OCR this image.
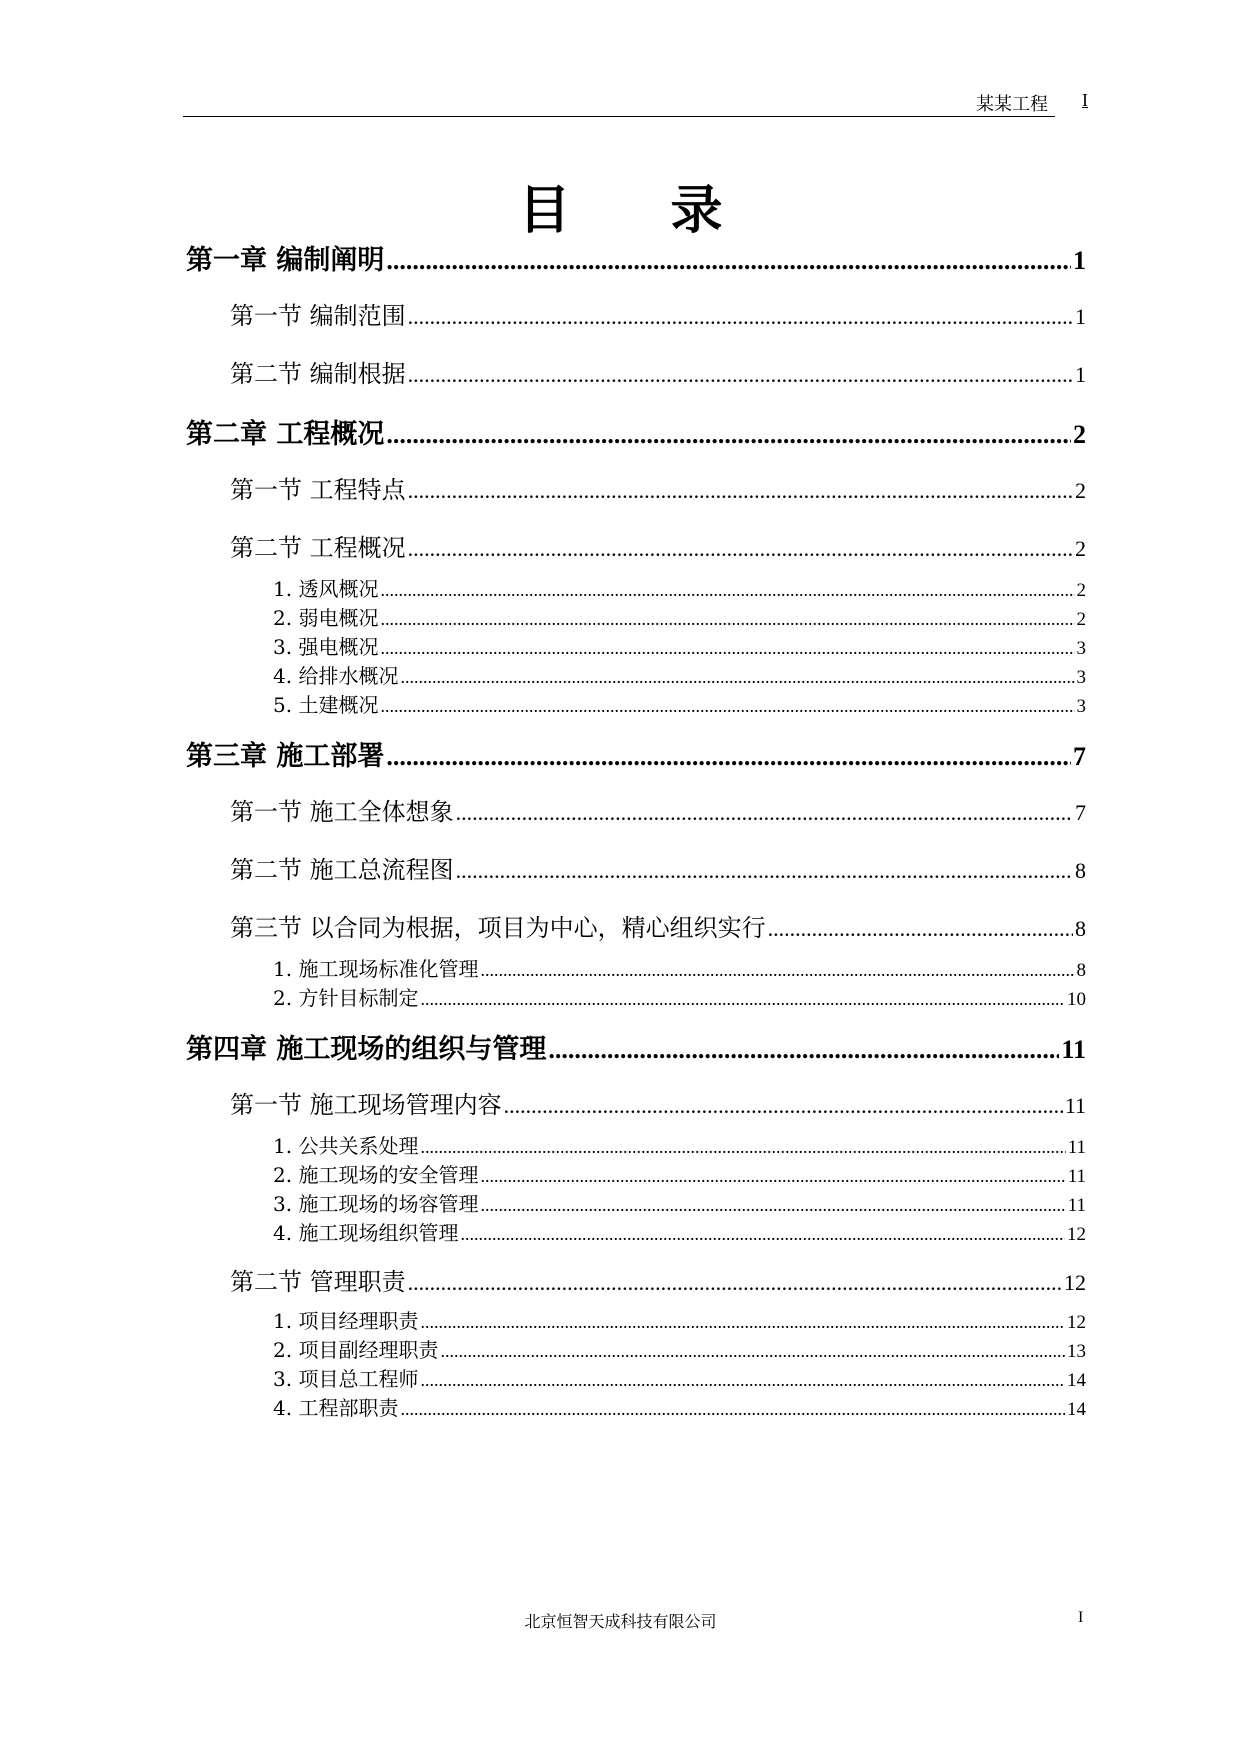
某某工程 I
目录
第一章 编制阐明 .....	1
第一节 编制范围 .....	1
第二节 编制根据 .....	1
第二章 工程概况 .....	2
第一节 工程特点 .....	2
第二节 工程概况 .....	2
1. 透风概况 .....	2
2. 弱电概况 .....	2
3. 强电概况 .....	3
4. 给排水概况 .....	3
5. 土建概况 .....	3
第三章 施工部署 .....	7
第一节 施工全体想象 .....	7
第二节 施工总流程图 .....	8
第三节 以合同为根据，项目为中心，精心组织实行 .....	8
1. 施工现场标准化管理 .....	8
2. 方针目标制定 .....	10
第四章 施工现场的组织与管理 .....	11
第一节 施工现场管理内容 .....	11
1. 公共关系处理 .....	11
2. 施工现场的安全管理 .....	11
3. 施工现场的场容管理 .....	11
4. 施工现场组织管理 .....	12
第二节 管理职责 .....	12
1. 项目经理职责 .....	12
2. 项目副经理职责 .....	13
3. 项目总工程师 .....	14
4. 工程部职责 .....	14
北京恒智天成科技有限公司	I
